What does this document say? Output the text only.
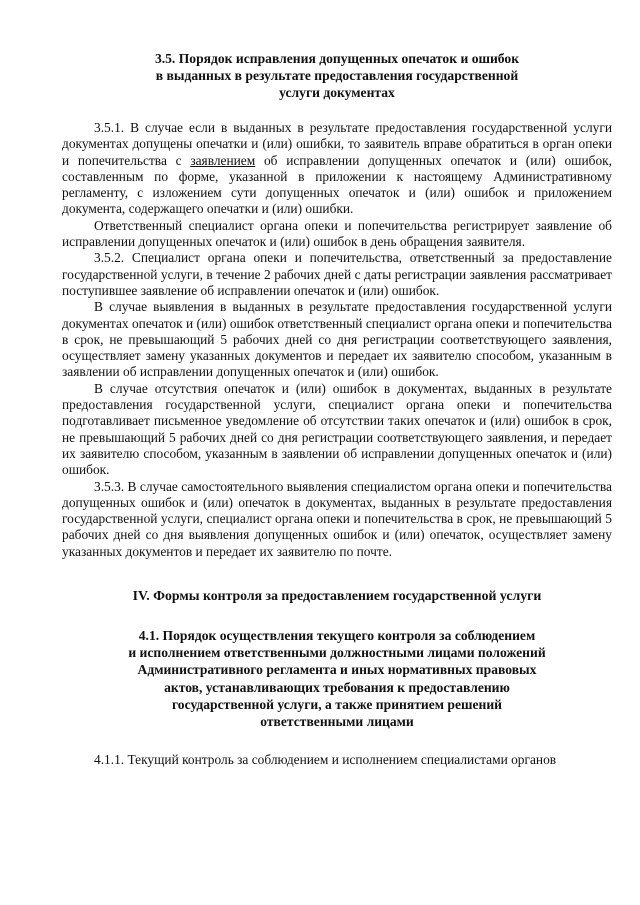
3.5. Порядок исправления допущенных опечаток и ошибок
в выданных в результате предоставления государственной
услуги документах

3.5.1. В случае если в выданных в результате предоставления государственной услуги документах допущены опечатки и (или) ошибки, то заявитель вправе обратиться в орган опеки и попечительства с заявлением об исправлении допущенных опечаток и (или) ошибок, составленным по форме, указанной в приложении к настоящему Административному регламенту, с изложением сути допущенных опечаток и (или) ошибок и приложением документа, содержащего опечатки и (или) ошибки.

Ответственный специалист органа опеки и попечительства регистрирует заявление об исправлении допущенных опечаток и (или) ошибок в день обращения заявителя.

3.5.2. Специалист органа опеки и попечительства, ответственный за предоставление государственной услуги, в течение 2 рабочих дней с даты регистрации заявления рассматривает поступившее заявление об исправлении опечаток и (или) ошибок.

В случае выявления в выданных в результате предоставления государственной услуги документах опечаток и (или) ошибок ответственный специалист органа опеки и попечительства в срок, не превышающий 5 рабочих дней со дня регистрации соответствующего заявления, осуществляет замену указанных документов и передает их заявителю способом, указанным в заявлении об исправлении допущенных опечаток и (или) ошибок.

В случае отсутствия опечаток и (или) ошибок в документах, выданных в результате предоставления государственной услуги, специалист органа опеки и попечительства подготавливает письменное уведомление об отсутствии таких опечаток и (или) ошибок в срок, не превышающий 5 рабочих дней со дня регистрации соответствующего заявления, и передает их заявителю способом, указанным в заявлении об исправлении допущенных опечаток и (или) ошибок.

3.5.3. В случае самостоятельного выявления специалистом органа опеки и попечительства допущенных ошибок и (или) опечаток в документах, выданных в результате предоставления государственной услуги, специалист органа опеки и попечительства в срок, не превышающий 5 рабочих дней со дня выявления допущенных ошибок и (или) опечаток, осуществляет замену указанных документов и передает их заявителю по почте.

IV. Формы контроля за предоставлением государственной услуги
4.1. Порядок осуществления текущего контроля за соблюдением
и исполнением ответственными должностными лицами положений
Административного регламента и иных нормативных правовых
актов, устанавливающих требования к предоставлению
государственной услуги, а также принятием решений
ответственными лицами

4.1.1. Текущий контроль за соблюдением и исполнением специалистами органов
